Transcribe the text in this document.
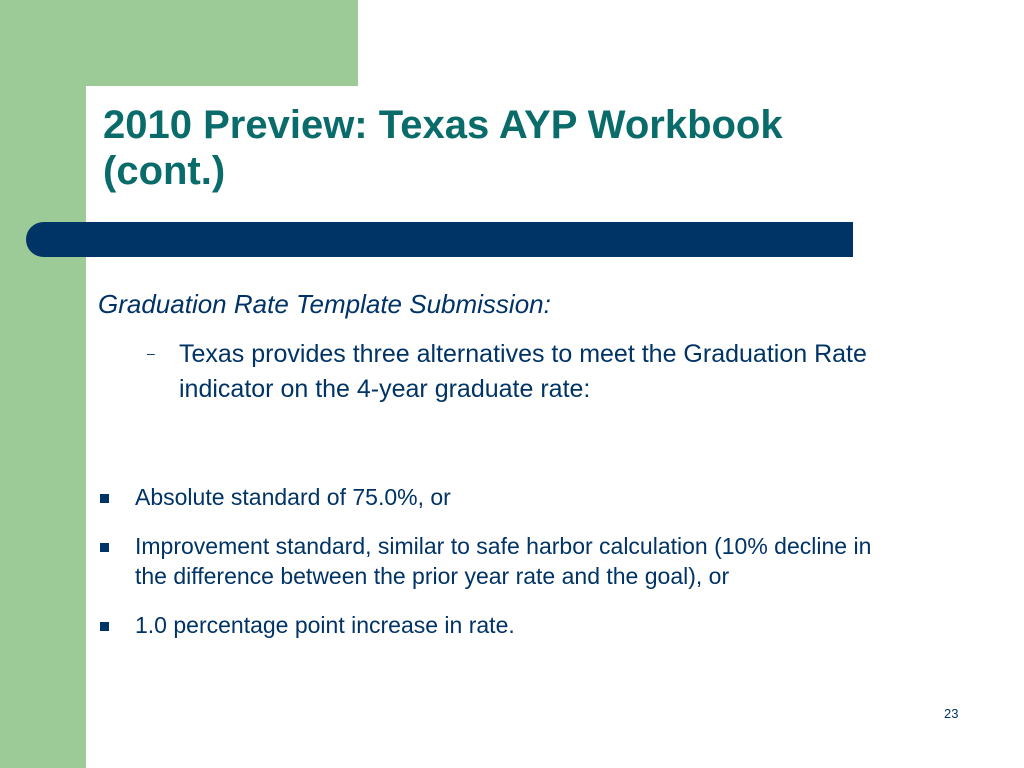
2010 Preview: Texas AYP Workbook
(cont.)

Graduation Rate Template Submission:

– Texas provides three alternatives to meet the Graduation Rate indicator on the 4-year graduate rate:
Absolute standard of 75.0%, or
Improvement standard, similar to safe harbor calculation (10% decline in the difference between the prior year rate and the goal), or
1.0 percentage point increase in rate.
23
